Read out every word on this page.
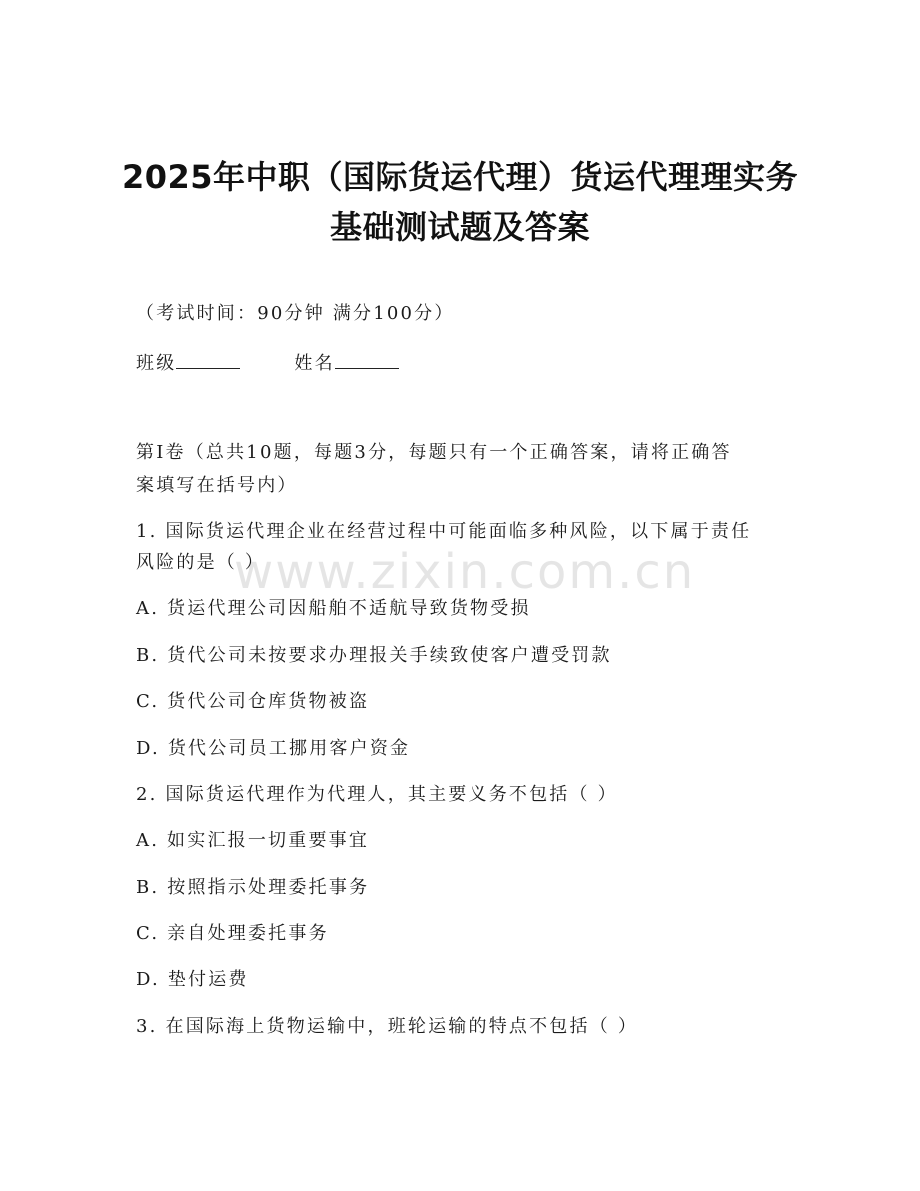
2025年中职（国际货运代理）货运代理理实务
基础测试题及答案
（考试时间：90分钟 满分100分）
班级	姓名
第Ⅰ卷（总共10题，每题3分，每题只有一个正确答案，请将正确答
案填写在括号内）
1. 国际货运代理企业在经营过程中可能面临多种风险，以下属于责任
风险的是（ ）
A. 货运代理公司因船舶不适航导致货物受损
B. 货代公司未按要求办理报关手续致使客户遭受罚款
C. 货代公司仓库货物被盗
D. 货代公司员工挪用客户资金
2. 国际货运代理作为代理人，其主要义务不包括（ ）
A. 如实汇报一切重要事宜
B. 按照指示处理委托事务
C. 亲自处理委托事务
D. 垫付运费
3. 在国际海上货物运输中，班轮运输的特点不包括（ ）
www.zixin.com.cn
